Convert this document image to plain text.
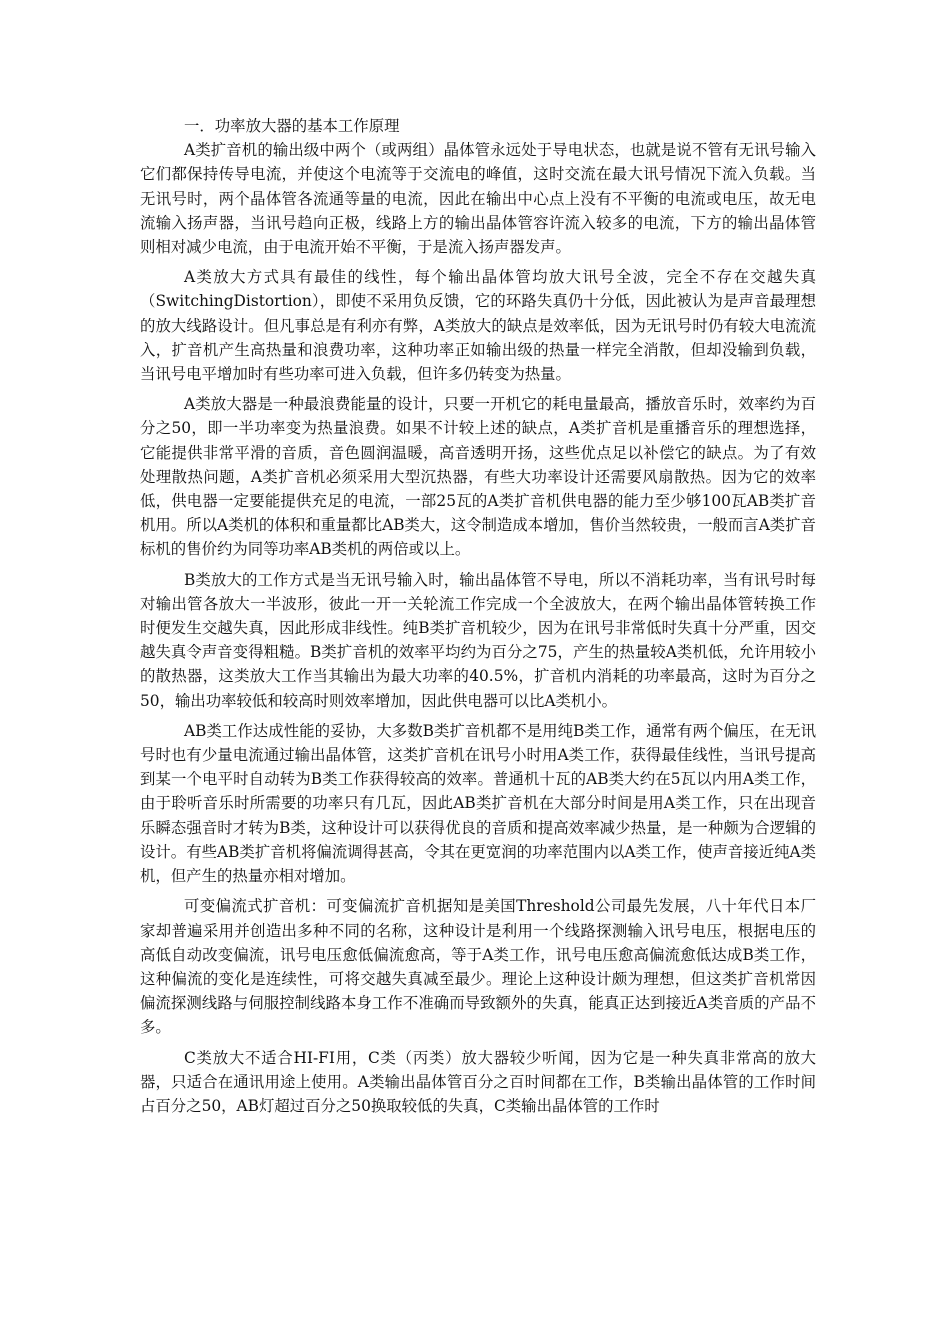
一．功率放大器的基本工作原理

A类扩音机的输出级中两个（或两组）晶体管永远处于导电状态，也就是说不管有无讯号输入它们都保持传导电流，并使这个电流等于交流电的峰值，这时交流在最大讯号情况下流入负载。当无讯号时，两个晶体管各流通等量的电流，因此在输出中心点上没有不平衡的电流或电压，故无电流输入扬声器，当讯号趋向正极，线路上方的输出晶体管容许流入较多的电流，下方的输出晶体管则相对减少电流，由于电流开始不平衡，于是流入扬声器发声。

A类放大方式具有最佳的线性，每个输出晶体管均放大讯号全波，完全不存在交越失真（SwitchingDistortion），即使不采用负反馈，它的环路失真仍十分低，因此被认为是声音最理想的放大线路设计。但凡事总是有利亦有弊，A类放大的缺点是效率低，因为无讯号时仍有较大电流流入，扩音机产生高热量和浪费功率，这种功率正如输出级的热量一样完全消散，但却没输到负载，当讯号电平增加时有些功率可进入负载，但许多仍转变为热量。

A类放大器是一种最浪费能量的设计，只要一开机它的耗电量最高，播放音乐时，效率约为百分之50，即一半功率变为热量浪费。如果不计较上述的缺点，A类扩音机是重播音乐的理想选择，它能提供非常平滑的音质，音色圆润温暖，高音透明开扬，这些优点足以补偿它的缺点。为了有效处理散热问题，A类扩音机必须采用大型沉热器，有些大功率设计还需要风扇散热。因为它的效率低，供电器一定要能提供充足的电流，一部25瓦的A类扩音机供电器的能力至少够100瓦AB类扩音机用。所以A类机的体积和重量都比AB类大，这令制造成本增加，售价当然较贵，一般而言A类扩音标机的售价约为同等功率AB类机的两倍或以上。

B类放大的工作方式是当无讯号输入时，输出晶体管不导电，所以不消耗功率，当有讯号时每对输出管各放大一半波形，彼此一开一关轮流工作完成一个全波放大，在两个输出晶体管转换工作时便发生交越失真，因此形成非线性。纯B类扩音机较少，因为在讯号非常低时失真十分严重，因交越失真令声音变得粗糙。B类扩音机的效率平均约为百分之75，产生的热量较A类机低，允许用较小的散热器，这类放大工作当其输出为最大功率的40.5%，扩音机内消耗的功率最高，这时为百分之50，输出功率较低和较高时则效率增加，因此供电器可以比A类机小。

AB类工作达成性能的妥协，大多数B类扩音机都不是用纯B类工作，通常有两个偏压，在无讯号时也有少量电流通过输出晶体管，这类扩音机在讯号小时用A类工作，获得最佳线性，当讯号提高到某一个电平时自动转为B类工作获得较高的效率。普通机十瓦的AB类大约在5瓦以内用A类工作，由于聆听音乐时所需要的功率只有几瓦，因此AB类扩音机在大部分时间是用A类工作，只在出现音乐瞬态强音时才转为B类，这种设计可以获得优良的音质和提高效率减少热量，是一种颇为合逻辑的设计。有些AB类扩音机将偏流调得甚高，令其在更宽润的功率范围内以A类工作，使声音接近纯A类机，但产生的热量亦相对增加。

可变偏流式扩音机：可变偏流扩音机据知是美国Threshold公司最先发展，八十年代日本厂家却普遍采用并创造出多种不同的名称，这种设计是利用一个线路探测输入讯号电压，根据电压的高低自动改变偏流，讯号电压愈低偏流愈高，等于A类工作，讯号电压愈高偏流愈低达成B类工作，这种偏流的变化是连续性，可将交越失真减至最少。理论上这种设计颇为理想，但这类扩音机常因偏流探测线路与伺服控制线路本身工作不准确而导致额外的失真，能真正达到接近A类音质的产品不多。

C类放大不适合HI-FI用，C类（丙类）放大器较少听闻，因为它是一种失真非常高的放大器，只适合在通讯用途上使用。A类输出晶体管百分之百时间都在工作，B类输出晶体管的工作时间占百分之50，AB灯超过百分之50换取较低的失真，C类输出晶体管的工作时
